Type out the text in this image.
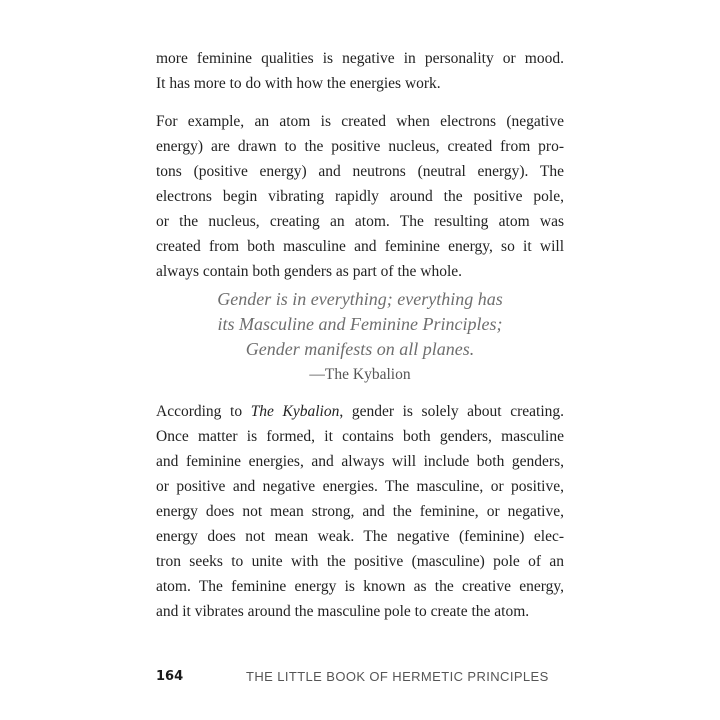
more feminine qualities is negative in personality or mood.
It has more to do with how the energies work.
For example, an atom is created when electrons (negative
energy) are drawn to the positive nucleus, created from pro-
tons (positive energy) and neutrons (neutral energy). The
electrons begin vibrating rapidly around the positive pole,
or the nucleus, creating an atom. The resulting atom was
created from both masculine and feminine energy, so it will
always contain both genders as part of the whole.
Gender is in everything; everything has
its Masculine and Feminine Principles;
Gender manifests on all planes.
—The Kybalion
According to The Kybalion, gender is solely about creating.
Once matter is formed, it contains both genders, masculine
and feminine energies, and always will include both genders,
or positive and negative energies. The masculine, or positive,
energy does not mean strong, and the feminine, or negative,
energy does not mean weak. The negative (feminine) elec-
tron seeks to unite with the positive (masculine) pole of an
atom. The feminine energy is known as the creative energy,
and it vibrates around the masculine pole to create the atom.
164	THE LITTLE BOOK OF HERMETIC PRINCIPLES
